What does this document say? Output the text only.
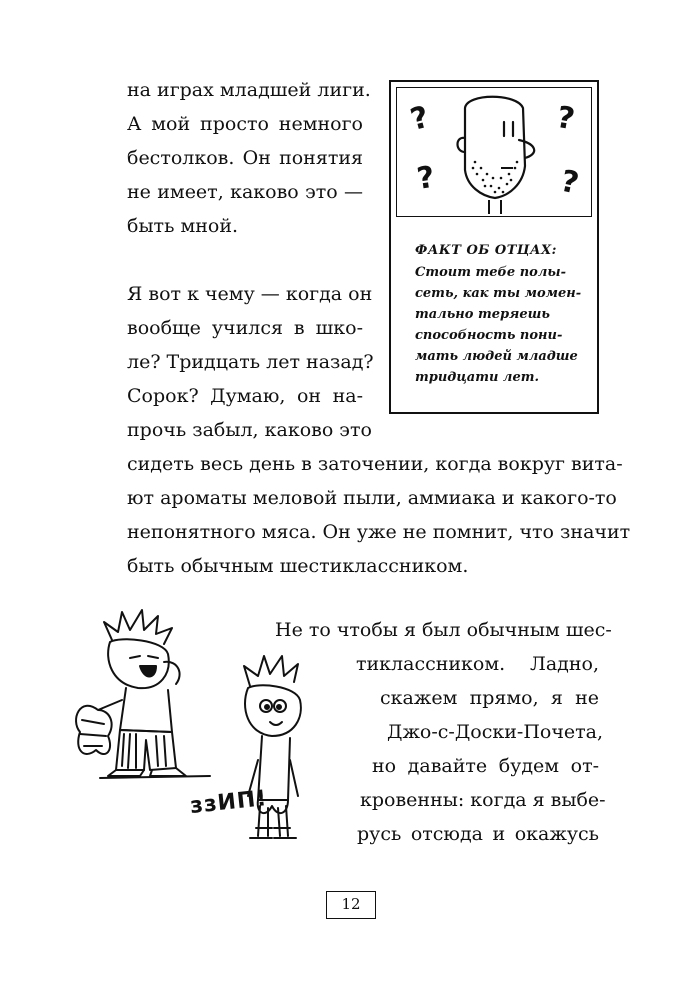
на играх младшей лиги.
А мой просто немного
бестолков. Он понятия
не имеет, каково это —
быть мной.
Я вот к чему — когда он
вообще учился в шко-
ле? Тридцать лет назад?
Сорок? Думаю, он на-
прочь забыл, каково это
сидеть весь день в заточении, когда вокруг вита-
ют ароматы меловой пыли, аммиака и какого-то
непонятного мяса. Он уже не помнит, что значит
быть обычным шестиклассником.
?	?
?	?
ФАКТ ОБ ОТЦАХ:
Стоит тебе полы-
сеть, как ты момен-
тально теряешь
способность пони-
мать людей младше
тридцати лет.
Не то чтобы я был обычным шес-
тиклассником. Ладно,
скажем прямо, я не
Джо-с-Доски-Почета,
но давайте будем от-
кровенны: когда я выбе-
русь отсюда и окажусь
ззИП!
12
